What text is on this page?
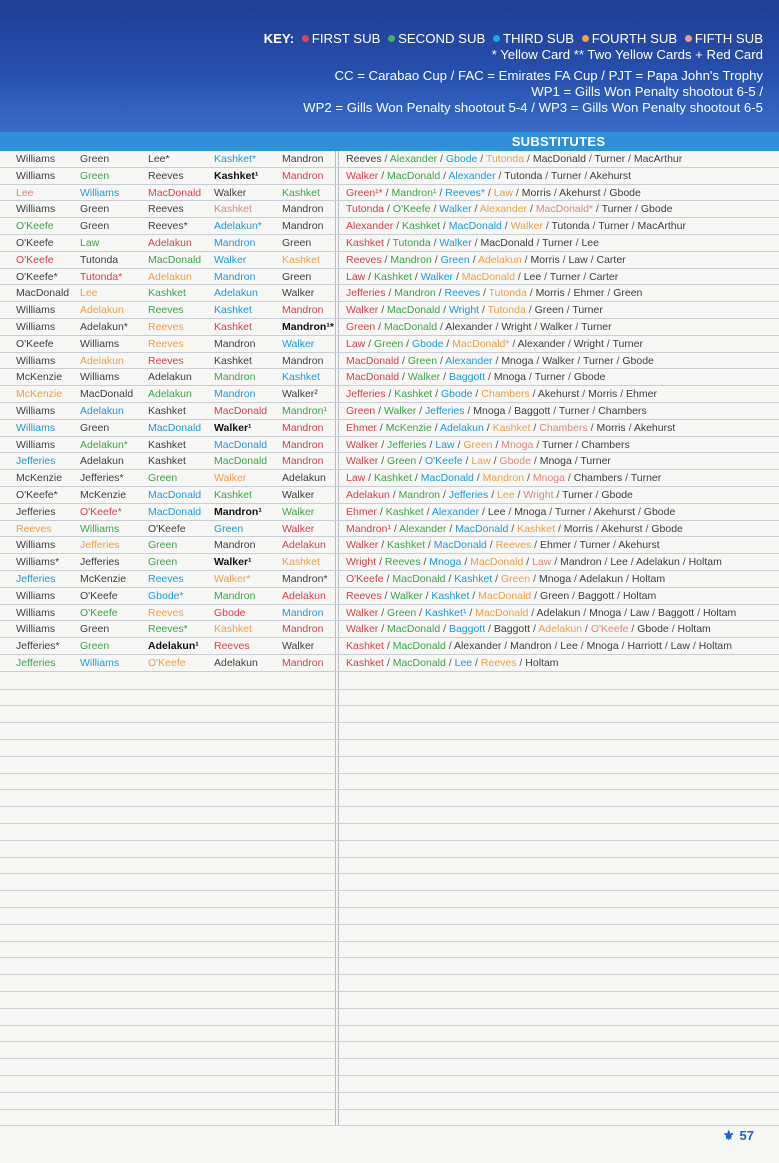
KEY: FIRST SUB SECOND SUB THIRD SUB FOURTH SUB FIFTH SUB
* Yellow Card ** Two Yellow Cards + Red Card
CC = Carabao Cup / FAC = Emirates FA Cup / PJT = Papa John's Trophy
WP1 = Gills Won Penalty shootout 6-5 /
WP2 = Gills Won Penalty shootout 5-4 / WP3 = Gills Won Penalty shootout 6-5
SUBSTITUTES
Williams	Green	Lee*	Kashket*	Mandron	Reeves / Alexander / Gbode / Tutonda / MacDonald / Turner / MacArthur
Williams	Green	Reeves	Kashket¹	Mandron	Walker / MacDonald / Alexander / Tutonda / Turner / Akehurst
Lee	Williams	MacDonald	Walker	Kashket	Green¹* / Mandron¹ / Reeves* / Law / Morris / Akehurst / Gbode
Williams	Green	Reeves	Kashket	Mandron	Tutonda / O'Keefe / Walker / Alexander / MacDonald* / Turner / Gbode
O'Keefe	Green	Reeves*	Adelakun*	Mandron	Alexander / Kashket / MacDonald / Walker / Tutonda / Turner / MacArthur
O'Keefe	Law	Adelakun	Mandron	Green	Kashket / Tutonda / Walker / MacDonald / Turner / Lee
O'Keefe	Tutonda	MacDonald	Walker	Kashket	Reeves / Mandron / Green / Adelakun / Morris / Law / Carter
O'Keefe*	Tutonda*	Adelakun	Mandron	Green	Law / Kashket / Walker / MacDonald / Lee / Turner / Carter
MacDonald	Lee	Kashket	Adelakun	Walker	Jefferies / Mandron / Reeves / Tutonda / Morris / Ehmer / Green
Williams	Adelakun	Reeves	Kashket	Mandron	Walker / MacDonald / Wright / Tutonda / Green / Turner
Williams	Adelakun*	Reeves	Kashket	Mandron¹*	Green / MacDonald / Alexander / Wright / Walker / Turner
O'Keefe	Williams	Reeves	Mandron	Walker	Law / Green / Gbode / MacDonald* / Alexander / Wright / Turner
Williams	Adelakun	Reeves	Kashket	Mandron	MacDonald / Green / Alexander / Mnoga / Walker / Turner / Gbode
McKenzie	Williams	Adelakun	Mandron	Kashket	MacDonald / Walker / Baggott / Mnoga / Turner / Gbode
McKenzie	MacDonald	Adelakun	Mandron	Walker²	Jefferies / Kashket / Gbode / Chambers / Akehurst / Morris / Ehmer
Williams	Adelakun	Kashket	MacDonald	Mandron¹	Green / Walker / Jefferies / Mnoga / Baggott / Turner / Chambers
Williams	Green	MacDonald	Walker¹	Mandron	Ehmer / McKenzie / Adelakun / Kashket / Chambers / Morris / Akehurst
Williams	Adelakun*	Kashket	MacDonald	Mandron	Walker / Jefferies / Law / Green / Mnoga / Turner / Chambers
Jefferies	Adelakun	Kashket	MacDonald	Mandron	Walker / Green / O'Keefe / Law / Gbode / Mnoga / Turner
McKenzie	Jefferies*	Green	Walker	Adelakun	Law / Kashket / MacDonald / Mandron / Mnoga / Chambers / Turner
O'Keefe*	McKenzie	MacDonald	Kashket	Walker	Adelakun / Mandron / Jefferies / Lee / Wright / Turner / Gbode
Jefferies	O'Keefe*	MacDonald	Mandron¹	Walker	Ehmer / Kashket / Alexander / Lee / Mnoga / Turner / Akehurst / Gbode
Reeves	Williams	O'Keefe	Green	Walker	Mandron¹ / Alexander / MacDonald / Kashket / Morris / Akehurst / Gbode
Williams	Jefferies	Green	Mandron	Adelakun	Walker / Kashket / MacDonald / Reeves / Ehmer / Turner / Akehurst
Williams*	Jefferies	Green	Walker¹	Kashket	Wright / Reeves / Mnoga / MacDonald / Law / Mandron / Lee / Adelakun / Holtam
Jefferies	McKenzie	Reeves	Walker*	Mandron*	O'Keefe / MacDonald / Kashket / Green / Mnoga / Adelakun / Holtam
Williams	O'Keefe	Gbode*	Mandron	Adelakun	Reeves / Walker / Kashket / MacDonald / Green / Baggott / Holtam
Williams	O'Keefe	Reeves	Gbode	Mandron	Walker / Green / Kashket¹ / MacDonald / Adelakun / Mnoga / Law / Baggott / Holtam
Williams	Green	Reeves*	Kashket	Mandron	Walker / MacDonald / Baggott / Baggott / Adelakun / O'Keefe / Gbode / Holtam
Jefferies*	Green	Adelakun¹	Reeves	Walker	Kashket / MacDonald / Alexander / Mandron / Lee / Mnoga / Harriott / Law / Holtam
Jefferies	Williams	O'Keefe	Adelakun	Mandron	Kashket / MacDonald / Lee / Reeves / Holtam
⚜ 57
